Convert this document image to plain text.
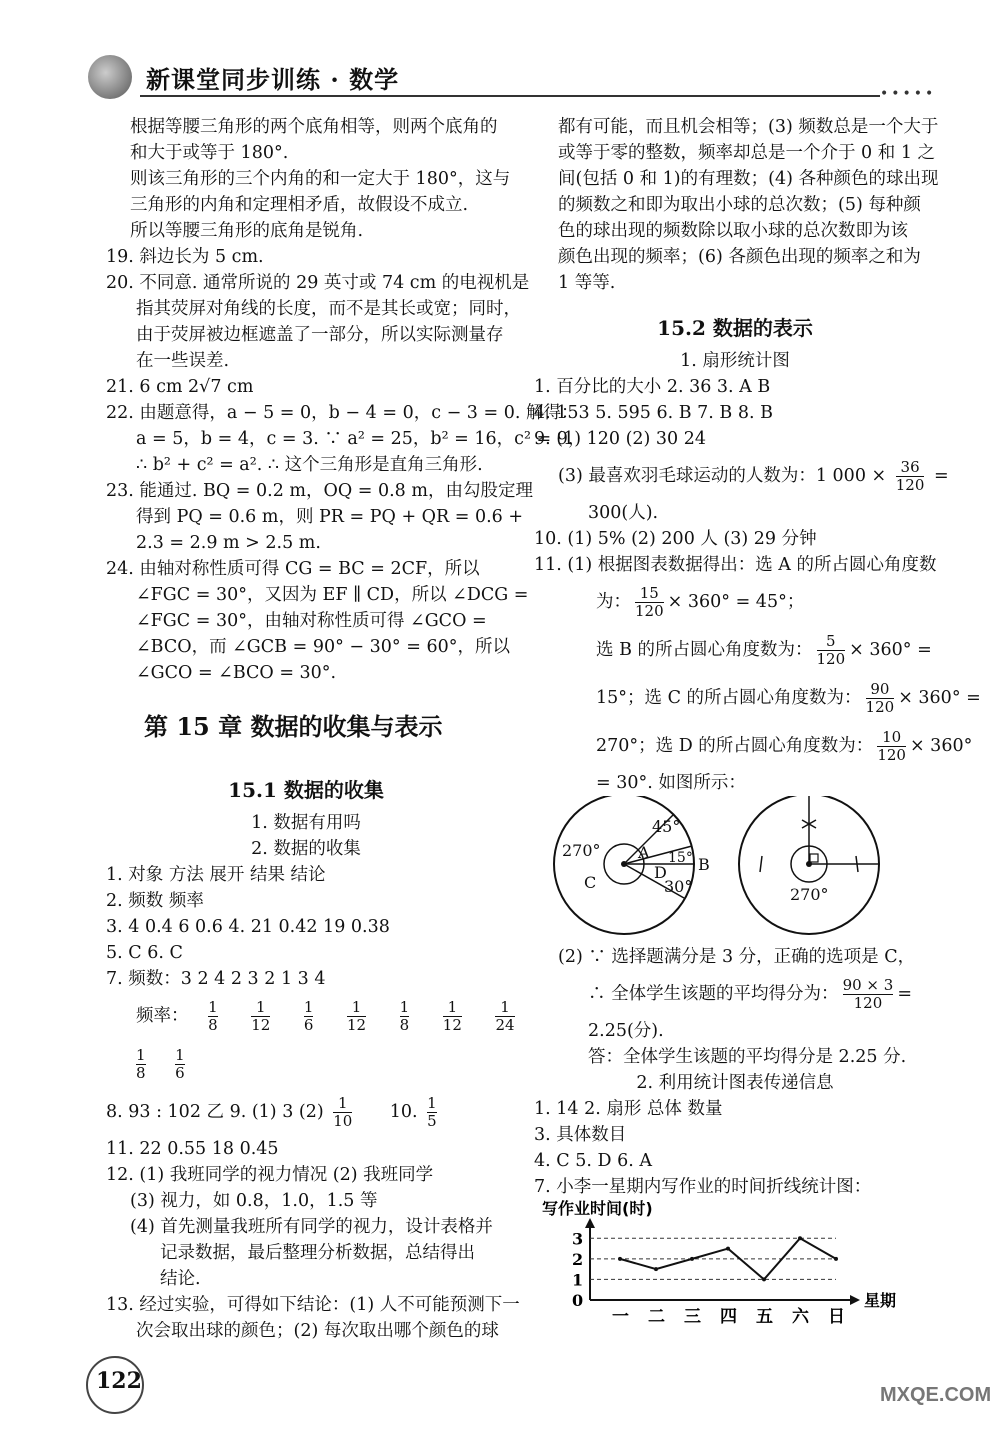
新课堂同步训练 · 数学	•••••
根据等腰三角形的两个底角相等，则两个底角的
和大于或等于 180°.
则该三角形的三个内角的和一定大于 180°，这与
三角形的内角和定理相矛盾，故假设不成立.
所以等腰三角形的底角是锐角.
19. 斜边长为 5 cm.
20. 不同意. 通常所说的 29 英寸或 74 cm 的电视机是
指其荧屏对角线的长度，而不是其长或宽；同时，
由于荧屏被边框遮盖了一部分，所以实际测量存
在一些误差.
21. 6 cm 2√7 cm
22. 由题意得，a − 5 = 0，b − 4 = 0，c − 3 = 0. 解得：
a = 5，b = 4，c = 3. ∵ a² = 25，b² = 16，c² = 9，
∴ b² + c² = a². ∴ 这个三角形是直角三角形.
23. 能通过. BQ = 0.2 m，OQ = 0.8 m，由勾股定理
得到 PQ = 0.6 m，则 PR = PQ + QR = 0.6 +
2.3 = 2.9 m > 2.5 m.
24. 由轴对称性质可得 CG = BC = 2CF，所以
∠FGC = 30°，又因为 EF ∥ CD，所以 ∠DCG =
∠FGC = 30°，由轴对称性质可得 ∠GCO =
∠BCO，而 ∠GCB = 90° − 30° = 60°，所以
∠GCO = ∠BCO = 30°.
第 15 章 数据的收集与表示
15.1 数据的收集
1. 数据有用吗
2. 数据的收集
1. 对象 方法 展开 结果 结论
2. 频数 频率
3. 4 0.4 6 0.6 4. 21 0.42 19 0.38
5. C 6. C
7. 频数：3 2 4 2 3 2 1 3 4
频率： $\frac{1}{8}$
$\frac{1}{12}$
$\frac{1}{6}$
$\frac{1}{12}$
$\frac{1}{8}$
$\frac{1}{12}$
$\frac{1}{24}$
$\frac{1}{8}$
$\frac{1}{6}$
8. 93 : 102 乙 9. (1) 3 $(2) \frac{1}{10} 10$. $\frac{1}{5}$
11. 22 0.55 18 0.45
12. (1) 我班同学的视力情况 (2) 我班同学
(3) 视力，如 0.8，1.0，1.5 等
(4) 首先测量我班所有同学的视力，设计表格并
记录数据，最后整理分析数据，总结得出
结论.
13. 经过实验，可得如下结论：(1) 人不可能预测下一
次会取出球的颜色；(2) 每次取出哪个颜色的球
都有可能，而且机会相等；(3) 频数总是一个大于
或等于零的整数，频率却总是一个介于 0 和 1 之
间(包括 0 和 1)的有理数；(4) 各种颜色的球出现
的频数之和即为取出小球的总次数；(5) 每种颜
色的球出现的频数除以取小球的总次数即为该
颜色出现的频率；(6) 各颜色出现的频率之和为
1 等等.
15.2 数据的表示
1. 扇形统计图
1. 百分比的大小 2. 36 3. A B
4. 153 5. 595 6. B 7. B 8. B
9. (1) 120 (2) 30 24
(3) 最喜欢羽毛球运动的人数为：1 $000 \times \frac{36}{120}$ =
300(人).
10. (1) 5% (2) 200 人 (3) 29 分钟
11. (1) 根据图表数据得出：选 A 的所占圆心角度数
为： $\frac{15}{120} \times 360^\circ = 45^\circ$；
选 B 的所占圆心角度数为： $\frac{5}{120} \times 360^\circ$ =
15°；选 C 的所占圆心角度数为： $\frac{90}{120} \times 360^\circ$ =
270°；选 D 的所占圆心角度数为： $\frac{10}{120} \times 360^\circ$
= 30°. 如图所示：
45°
270° A
B
C
D
15°
30°	270°
(2) ∵ 选择题满分是 3 分，正确的选项是 C，
∴ 全体学生该题的平均得分为： $\frac{90 \times 3}{120}$ =
2.25(分).
答：全体学生该题的平均得分是 2.25 分.
2. 利用统计图表传递信息
1. 14 2. 扇形 总体 数量
3. 具体数目
4. C 5. D 6. A
7. 小李一星期内写作业的时间折线统计图：
写作业时间(时)
星期
0
1
2
3
一 二 三 四 五 六 日
122
MXQE.COM
